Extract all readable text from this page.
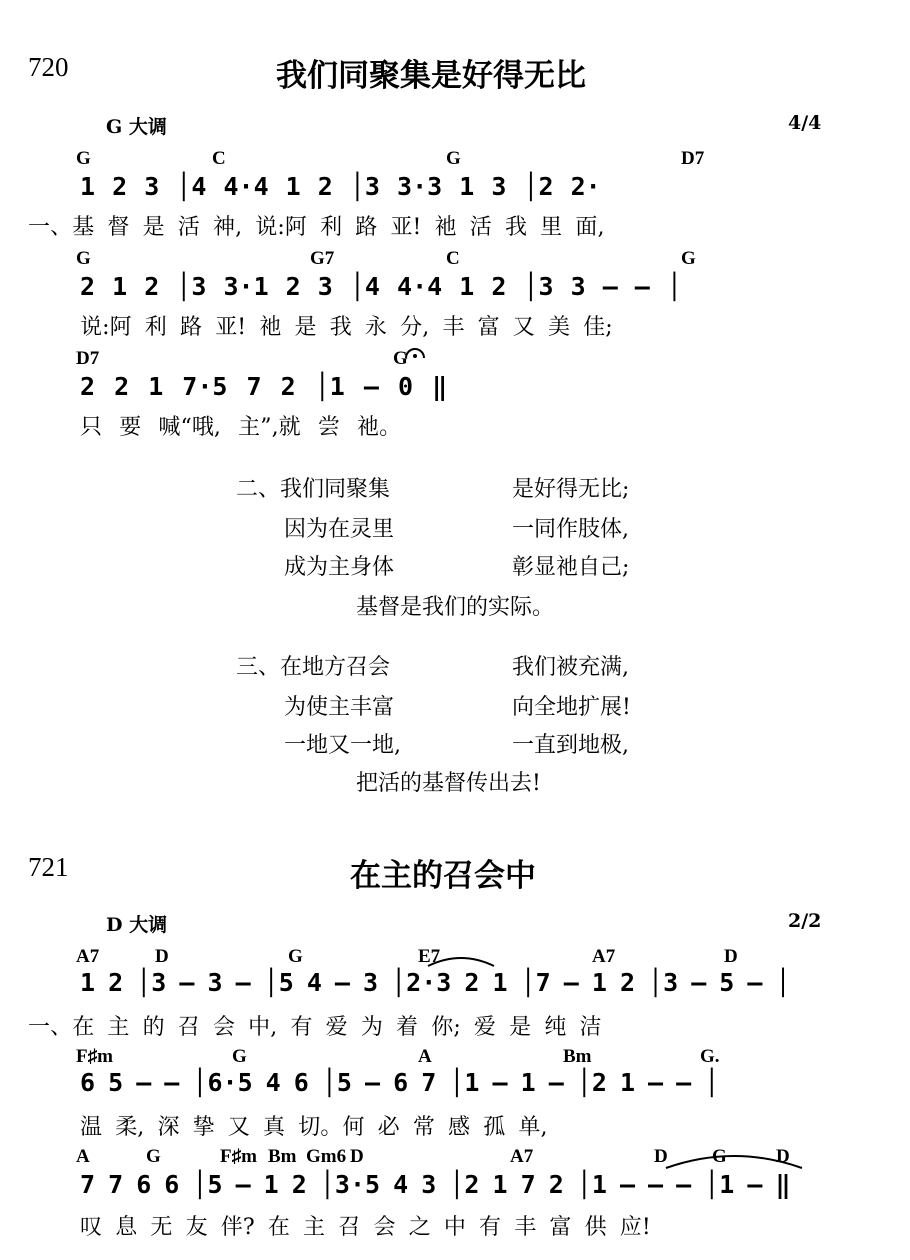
720	我们同聚集是好得无比
G 大调	4/4
G	C	G	D7
1 2 3 │4 4·4 1 2 │3 3·3 1 3 │2 2·
一、基 督 是 活 神, 说:阿 利 路 亚! 祂 活 我 里 面,
G	G7	C	G
2 1 2 │3 3·1 2 3 │4 4·4 1 2 │3 3 — — │
说:阿 利 路 亚! 祂 是 我 永 分, 丰 富 又 美 佳;
D7	G
2 2 1 7·5 7 2 │1 — 0 ‖
只 要 喊“哦, 主”,就 尝 祂。
二、我们同聚集	是好得无比;
因为在灵里	一同作肢体,
成为主身体	彰显祂自己;
基督是我们的实际。
三、在地方召会	我们被充满,
为使主丰富	向全地扩展!
一地又一地,	一直到地极,
把活的基督传出去!
721	在主的召会中
D 大调	2/2
A7	D	G	E7	A7	D
1 2 │3 — 3 — │5 4 — 3 │2·3 2 1 │7 — 1 2 │3 — 5 — │
一、在 主 的 召 会 中, 有 爱 为 着 你; 爱 是 纯 洁
F♯m	G	A	Bm	G.
6 5 — — │6·5 4 6 │5 — 6 7 │1 — 1 — │2 1 — — │
温 柔, 深 挚 又 真 切。何 必 常 感 孤 单,
A	G	F♯m Bm Gm6 D	A7	D G	D
7 7 6 6 │5 — 1 2 │3·5 4 3 │2 1 7 2 │1 — — — │1 — ‖
叹 息 无 友 伴? 在 主 召 会 之 中 有 丰 富 供 应!
